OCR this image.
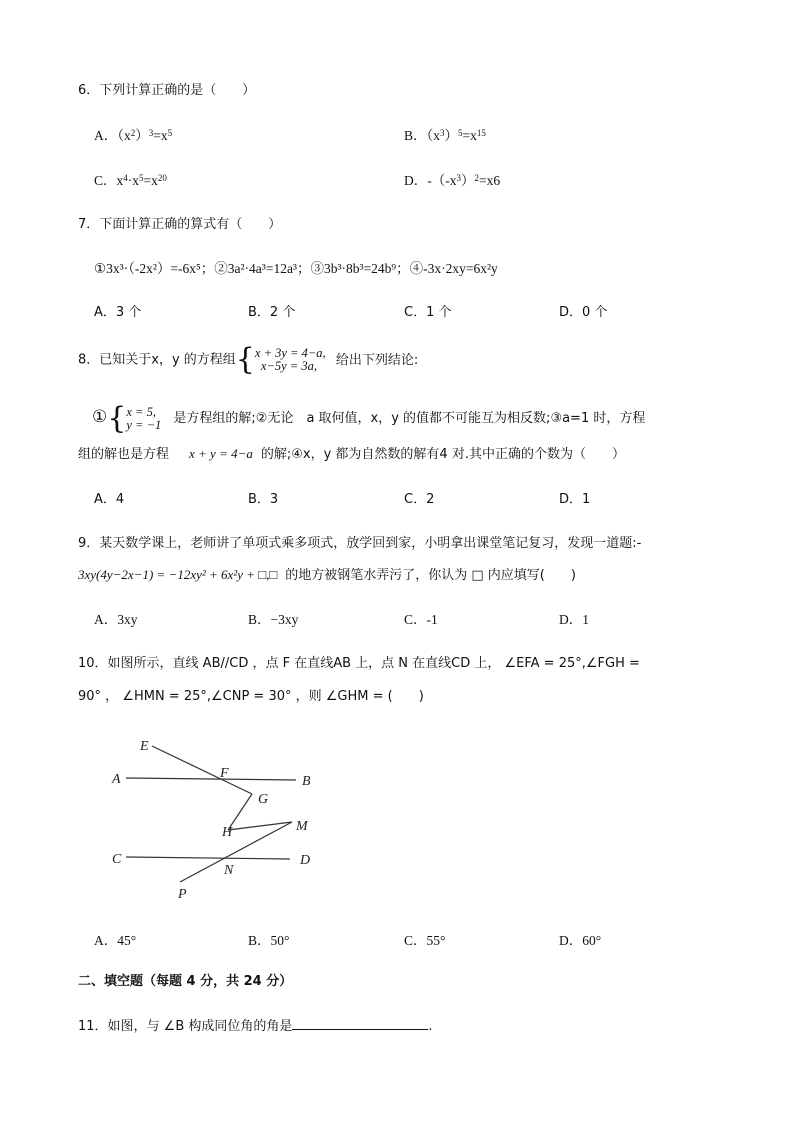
6．下列计算正确的是（　　）
A．$(x^2)^3=x^5$	B．$(x^3)^5=x^{15}$
C．$x^4\cdot x^5=x^{20}$	D．$-(-x^3)^2=x6$
7．下面计算正确的算式有（　　）
①3x³·（-2x²）=-6x⁵；②3a²·4a³=12a³；③3b³·8b³=24b⁹；④-3x·2xy=6x²y
A．3 个	B．2 个	C．1 个	D．0 个
8．已知关于x，y 的方程组{x + 3y = 4−a,
x−5y = 3a, 给出下列结论:
①{x = 5,
y = −1 是方程组的解;②无论　a 取何值，x，y 的值都不可能互为相反数;③a=1 时，方程
组的解也是方程 x + y = 4−a 的解;④x，y 都为自然数的解有4 对.其中正确的个数为（　　）
A．4	B．3	C．2	D．1
9．某天数学课上，老师讲了单项式乘多项式，放学回到家，小明拿出课堂笔记复习，发现一道题:-
3xy(4y−2x−1) = −12xy² + 6x²y + □,□ 的地方被钢笔水弄污了，你认为 □ 内应填写(　　)
A．3xy	B．−3xy	C．-1	D．1
10．如图所示，直线 AB//CD ，点 F 在直线AB 上，点 N 在直线CD 上， ∠EFA = 25°,∠FGH =
90° ， ∠HMN = 25°,∠CNP = 30° ，则 ∠GHM = (　　)
E
A	F
B
G
H	M
C
N
D
P
A．45°	B．50°	C．55°	D．60°
二、填空题（每题 4 分，共 24 分）
11．如图，与 ∠B 构成同位角的角是	.
